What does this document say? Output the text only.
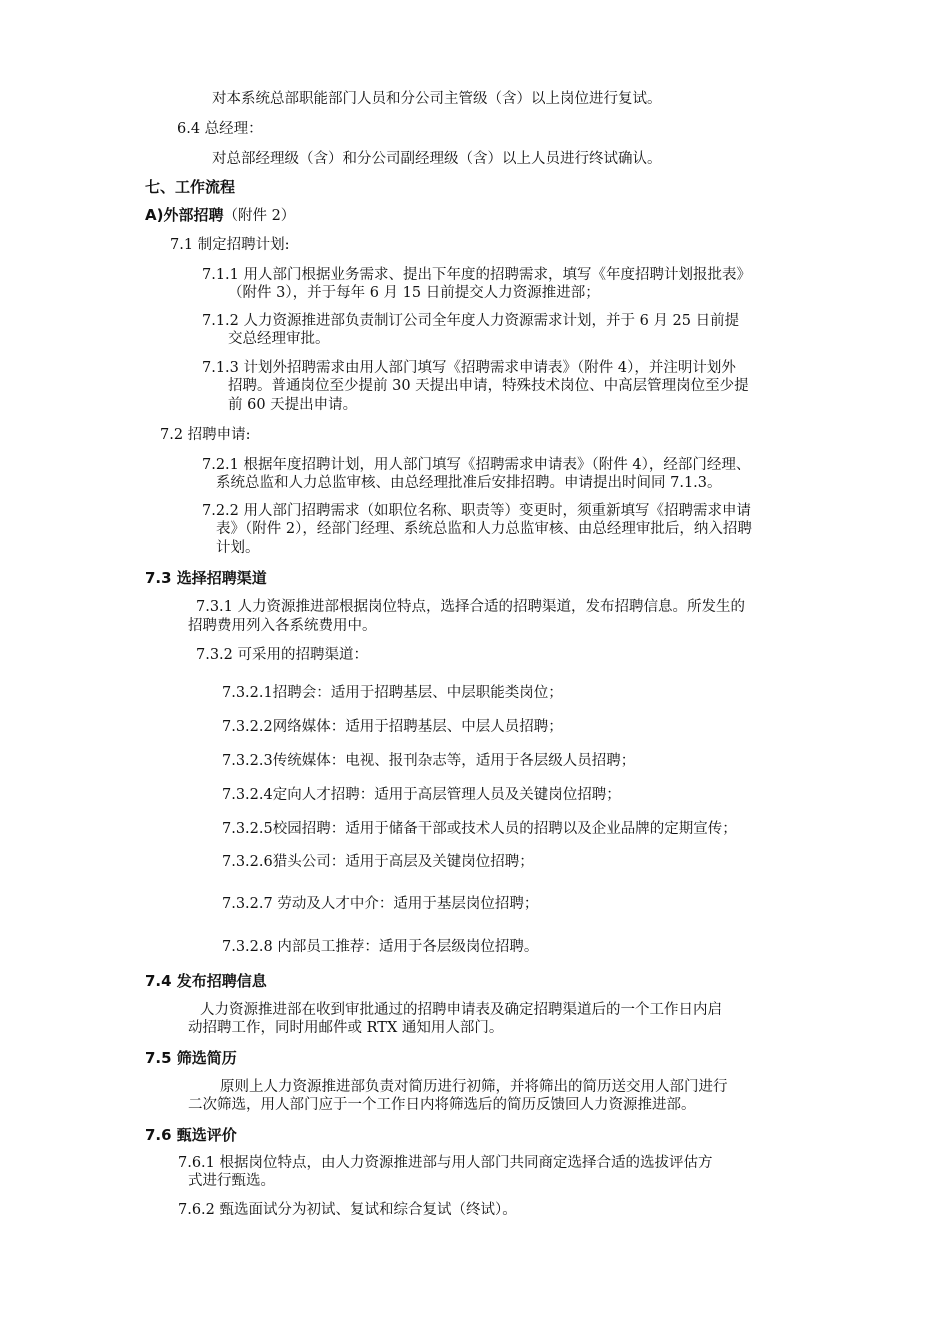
对本系统总部职能部门人员和分公司主管级（含）以上岗位进行复试。

6.4 总经理：

对总部经理级（含）和分公司副经理级（含）以上人员进行终试确认。

七、工作流程

A)外部招聘（附件 2）

7.1 制定招聘计划:

7.1.1 用人部门根据业务需求、提出下年度的招聘需求，填写《年度招聘计划报批表》

（附件 3），并于每年 6 月 15 日前提交人力资源推进部；

7.1.2 人力资源推进部负责制订公司全年度人力资源需求计划，并于 6 月 25 日前提

交总经理审批。

7.1.3 计划外招聘需求由用人部门填写《招聘需求申请表》（附件 4），并注明计划外

招聘。普通岗位至少提前 30 天提出申请，特殊技术岗位、中高层管理岗位至少提

前 60 天提出申请。

7.2 招聘申请:

7.2.1 根据年度招聘计划，用人部门填写《招聘需求申请表》（附件 4），经部门经理、

系统总监和人力总监审核、由总经理批准后安排招聘。申请提出时间同 7.1.3。

7.2.2 用人部门招聘需求（如职位名称、职责等）变更时，须重新填写《招聘需求申请

表》（附件 2），经部门经理、系统总监和人力总监审核、由总经理审批后，纳入招聘

计划。

7.3 选择招聘渠道

7.3.1 人力资源推进部根据岗位特点，选择合适的招聘渠道，发布招聘信息。所发生的

招聘费用列入各系统费用中。

7.3.2 可采用的招聘渠道：

7.3.2.1招聘会：适用于招聘基层、中层职能类岗位；

7.3.2.2网络媒体：适用于招聘基层、中层人员招聘；

7.3.2.3传统媒体：电视、报刊杂志等，适用于各层级人员招聘；

7.3.2.4定向人才招聘：适用于高层管理人员及关键岗位招聘；

7.3.2.5校园招聘：适用于储备干部或技术人员的招聘以及企业品牌的定期宣传；

7.3.2.6猎头公司：适用于高层及关键岗位招聘；

7.3.2.7 劳动及人才中介：适用于基层岗位招聘；

7.3.2.8 内部员工推荐：适用于各层级岗位招聘。

7.4 发布招聘信息

人力资源推进部在收到审批通过的招聘申请表及确定招聘渠道后的一个工作日内启

动招聘工作，同时用邮件或 RTX 通知用人部门。

7.5 筛选简历

原则上人力资源推进部负责对简历进行初筛，并将筛出的简历送交用人部门进行

二次筛选，用人部门应于一个工作日内将筛选后的简历反馈回人力资源推进部。

7.6 甄选评价

7.6.1 根据岗位特点，由人力资源推进部与用人部门共同商定选择合适的选拔评估方

式进行甄选。

7.6.2 甄选面试分为初试、复试和综合复试（终试）。
